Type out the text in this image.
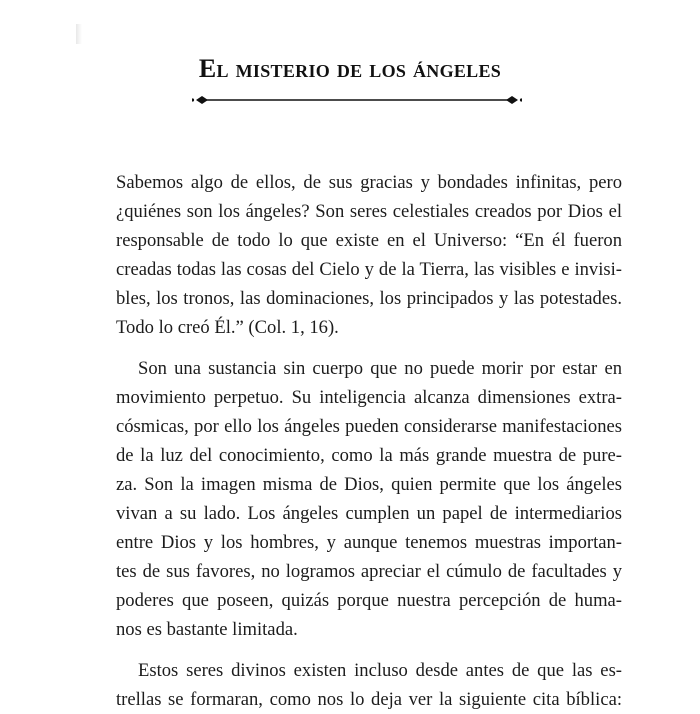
El misterio de los ángeles

Sabemos algo de ellos, de sus gracias y bondades infinitas, pero
¿quiénes son los ángeles? Son seres celestiales creados por Dios el
responsable de todo lo que existe en el Universo: “En él fueron
creadas todas las cosas del Cielo y de la Tierra, las visibles e invisi-
bles, los tronos, las dominaciones, los principados y las potestades.
Todo lo creó Él.” (Col. 1, 16).

Son una sustancia sin cuerpo que no puede morir por estar en
movimiento perpetuo. Su inteligencia alcanza dimensiones extra-
cósmicas, por ello los ángeles pueden considerarse manifestaciones
de la luz del conocimiento, como la más grande muestra de pure-
za. Son la imagen misma de Dios, quien permite que los ángeles
vivan a su lado. Los ángeles cumplen un papel de intermediarios
entre Dios y los hombres, y aunque tenemos muestras importan-
tes de sus favores, no logramos apreciar el cúmulo de facultades y
poderes que poseen, quizás porque nuestra percepción de huma-
nos es bastante limitada.

Estos seres divinos existen incluso desde antes de que las es-
trellas se formaran, como nos lo deja ver la siguiente cita bíblica:
